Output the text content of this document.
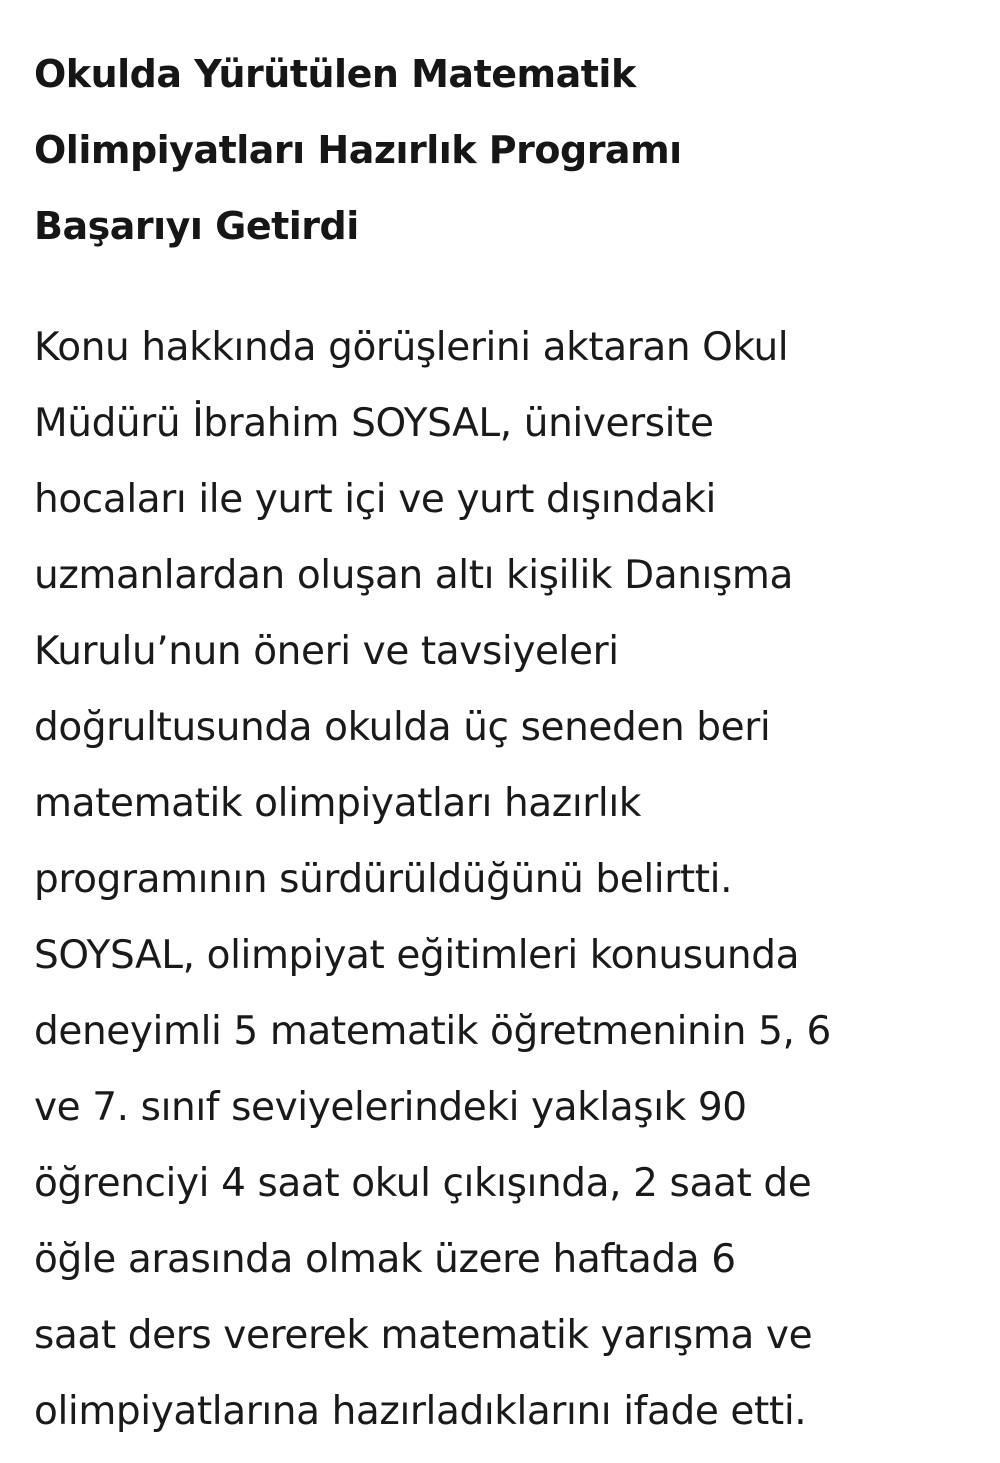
Okulda Yürütülen Matematik
Olimpiyatları Hazırlık Programı
Başarıyı Getirdi

Konu hakkında görüşlerini aktaran Okul
Müdürü İbrahim SOYSAL, üniversite
hocaları ile yurt içi ve yurt dışındaki
uzmanlardan oluşan altı kişilik Danışma
Kurulu’nun öneri ve tavsiyeleri
doğrultusunda okulda üç seneden beri
matematik olimpiyatları hazırlık
programının sürdürüldüğünü belirtti.
SOYSAL, olimpiyat eğitimleri konusunda
deneyimli 5 matematik öğretmeninin 5, 6
ve 7. sınıf seviyelerindeki yaklaşık 90
öğrenciyi 4 saat okul çıkışında, 2 saat de
öğle arasında olmak üzere haftada 6
saat ders vererek matematik yarışma ve
olimpiyatlarına hazırladıklarını ifade etti.
